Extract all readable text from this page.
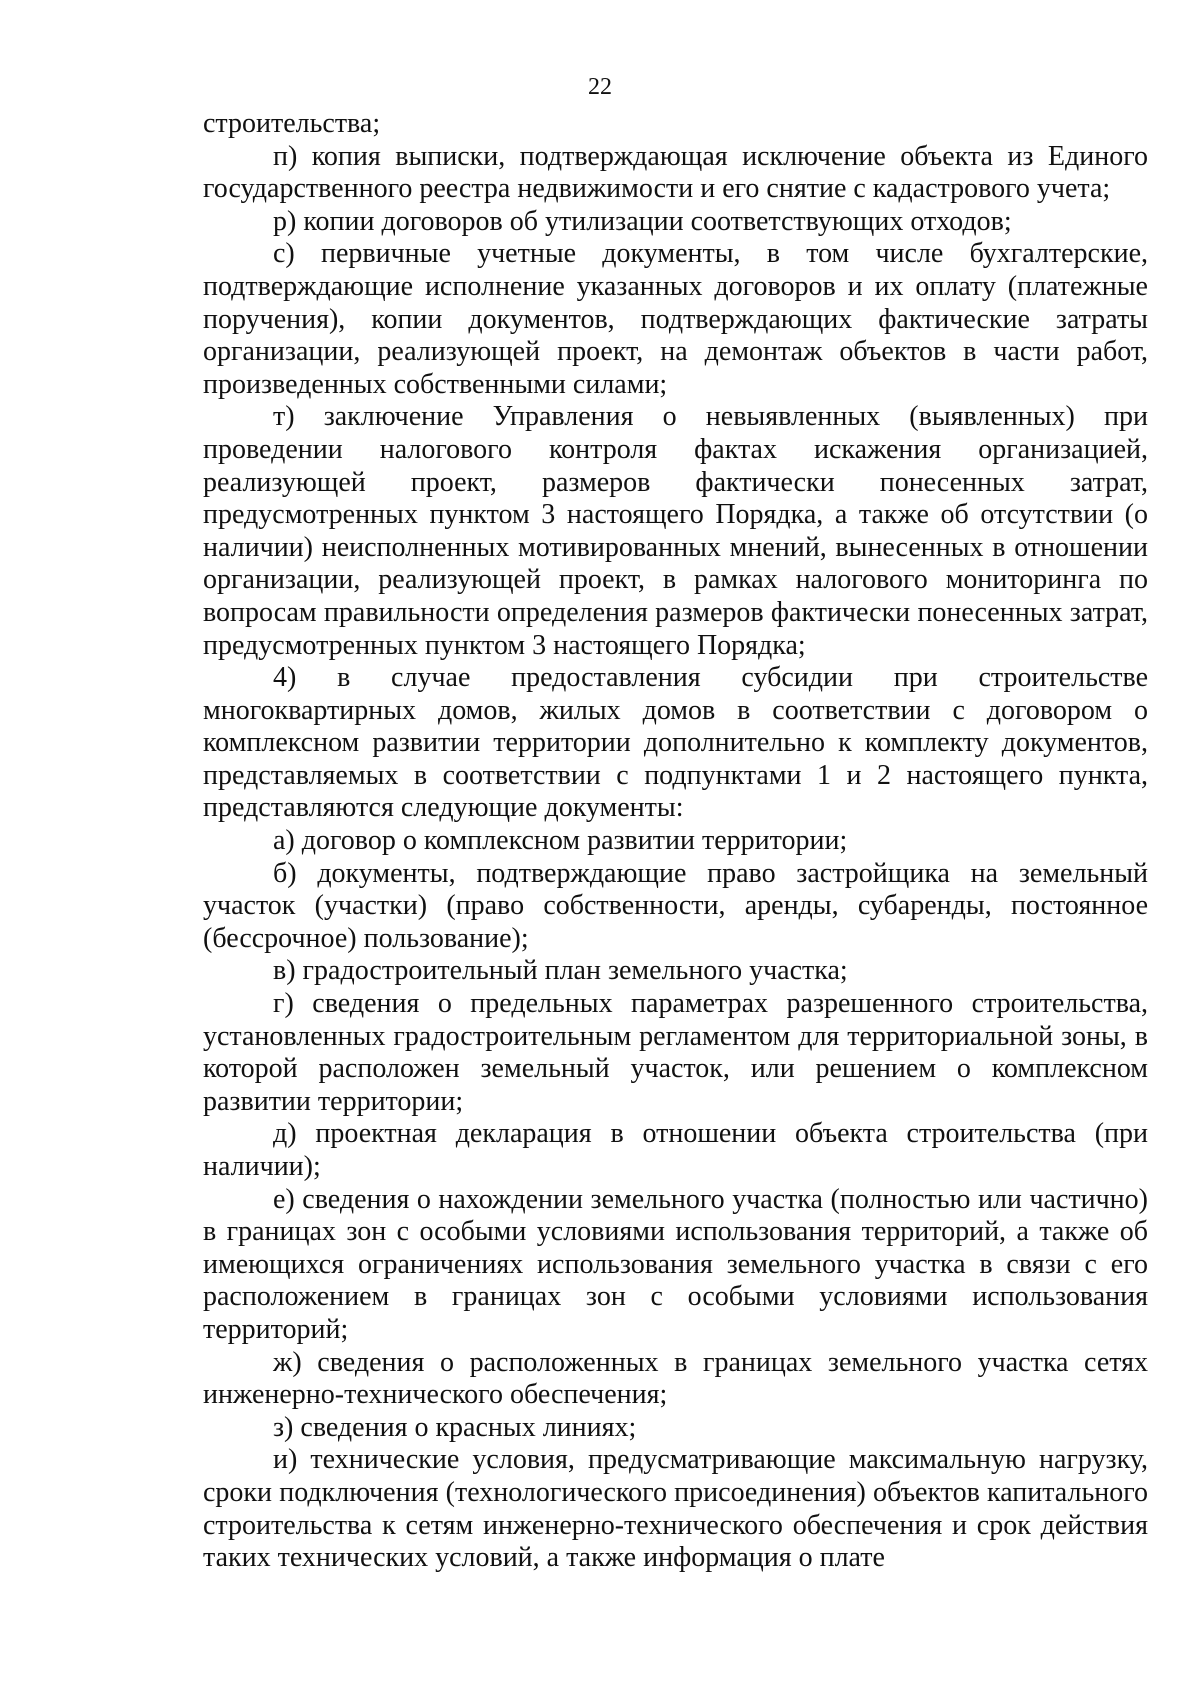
22

строительства;

п) копия выписки, подтверждающая исключение объекта из Единого государственного реестра недвижимости и его снятие с кадастрового учета;

р) копии договоров об утилизации соответствующих отходов;

с) первичные учетные документы, в том числе бухгалтерские, подтверждающие исполнение указанных договоров и их оплату (платежные поручения), копии документов, подтверждающих фактические затраты организации, реализующей проект, на демонтаж объектов в части работ, произведенных собственными силами;

т) заключение Управления о невыявленных (выявленных) при проведении налогового контроля фактах искажения организацией, реализующей проект, размеров фактически понесенных затрат, предусмотренных пунктом 3 настоящего Порядка, а также об отсутствии (о наличии) неисполненных мотивированных мнений, вынесенных в отношении организации, реализующей проект, в рамках налогового мониторинга по вопросам правильности определения размеров фактически понесенных затрат, предусмотренных пунктом 3 настоящего Порядка;

4) в случае предоставления субсидии при строительстве многоквартирных домов, жилых домов в соответствии с договором о комплексном развитии территории дополнительно к комплекту документов, представляемых в соответствии с подпунктами 1 и 2 настоящего пункта, представляются следующие документы:

а) договор о комплексном развитии территории;

б) документы, подтверждающие право застройщика на земельный участок (участки) (право собственности, аренды, субаренды, постоянное (бессрочное) пользование);

в) градостроительный план земельного участка;

г) сведения о предельных параметрах разрешенного строительства, установленных градостроительным регламентом для территориальной зоны, в которой расположен земельный участок, или решением о комплексном развитии территории;

д) проектная декларация в отношении объекта строительства (при наличии);

е) сведения о нахождении земельного участка (полностью или частично) в границах зон с особыми условиями использования территорий, а также об имеющихся ограничениях использования земельного участка в связи с его расположением в границах зон с особыми условиями использования территорий;

ж) сведения о расположенных в границах земельного участка сетях инженерно-технического обеспечения;

з) сведения о красных линиях;

и) технические условия, предусматривающие максимальную нагрузку, сроки подключения (технологического присоединения) объектов капитального строительства к сетям инженерно-технического обеспечения и срок действия таких технических условий, а также информация о плате
